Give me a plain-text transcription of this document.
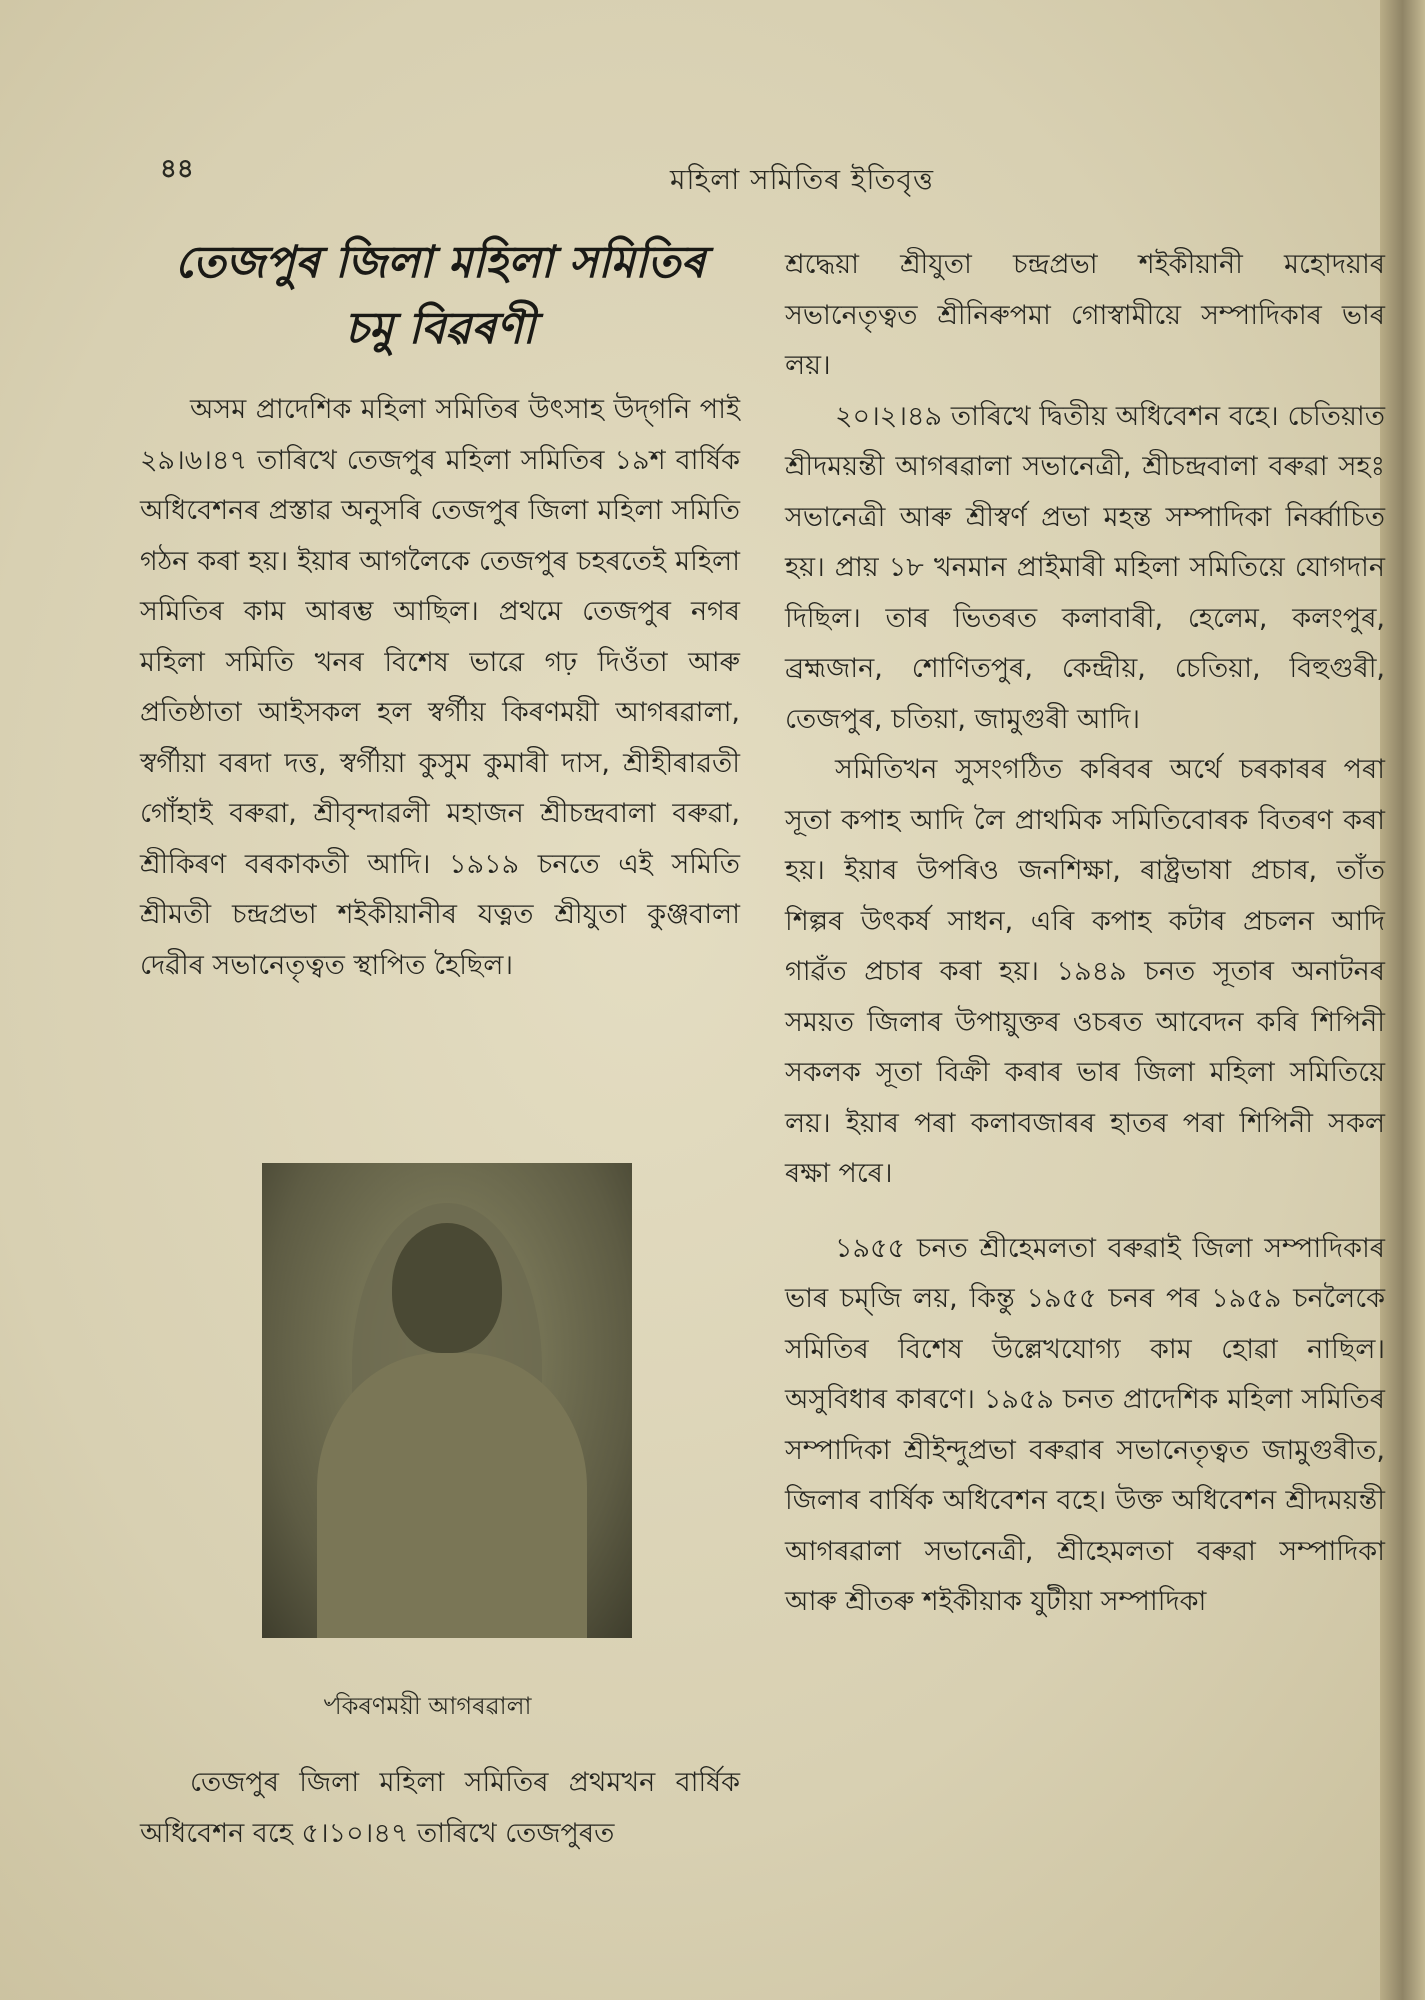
৪৪	মহিলা সমিতিৰ ইতিবৃত্ত
তেজপুৰ জিলা মহিলা সমিতিৰ
চমু বিৱৰণী

অসম প্ৰাদেশিক মহিলা সমিতিৰ উৎসাহ উদ্‌গনি পাই ২৯।৬।৪৭ তাৰিখে তেজপুৰ মহিলা সমিতিৰ ১৯শ বাৰ্ষিক অধিবেশনৰ প্ৰস্তাৱ অনুসৰি তেজপুৰ জিলা মহিলা সমিতি গঠন কৰা হয়। ইয়াৰ আগলৈকে তেজপুৰ চহৰতেই মহিলা সমিতিৰ কাম আৰম্ভ আছিল। প্ৰথমে তেজপুৰ নগৰ মহিলা সমিতি খনৰ বিশেষ ভাৱে গঢ় দিওঁতা আৰু প্ৰতিষ্ঠাতা আইসকল হল স্বৰ্গীয় কিৰণময়ী আগৰৱালা, স্বৰ্গীয়া বৰদা দত্ত, স্বৰ্গীয়া কুসুম কুমাৰী দাস, শ্ৰীহীৰাৱতী গোঁহাই বৰুৱা, শ্ৰীবৃন্দাৱলী মহাজন শ্ৰীচন্দ্ৰবালা বৰুৱা, শ্ৰীকিৰণ বৰকাকতী আদি। ১৯১৯ চনতে এই সমিতি শ্ৰীমতী চন্দ্ৰপ্ৰভা শইকীয়ানীৰ যত্নত শ্ৰীযুতা কুঞ্জবালা দেৱীৰ সভানেতৃত্বত স্থাপিত হৈছিল।

৺কিৰণময়ী আগৰৱালা

তেজপুৰ জিলা মহিলা সমিতিৰ প্ৰথমখন বাৰ্ষিক অধিবেশন বহে ৫।১০।৪৭ তাৰিখে তেজপুৰত

শ্ৰদ্ধেয়া শ্ৰীযুতা চন্দ্ৰপ্ৰভা শইকীয়ানী মহোদয়াৰ সভানেতৃত্বত শ্ৰীনিৰুপমা গোস্বামীয়ে সম্পাদিকাৰ ভাৰ লয়।

২০।২।৪৯ তাৰিখে দ্বিতীয় অধিবেশন বহে। চেতিয়াত শ্ৰীদময়ন্তী আগৰৱালা সভানেত্ৰী, শ্ৰীচন্দ্ৰবালা বৰুৱা সহঃ সভানেত্ৰী আৰু শ্ৰীস্বৰ্ণ প্ৰভা মহন্ত সম্পাদিকা নিৰ্ব্বাচিত হয়। প্ৰায় ১৮ খনমান প্ৰাইমাৰী মহিলা সমিতিয়ে যোগদান দিছিল। তাৰ ভিতৰত কলাবাৰী, হেলেম, কলংপুৰ, ব্ৰহ্মজান, শোণিতপুৰ, কেন্দ্ৰীয়, চেতিয়া, বিহুগুৰী, তেজপুৰ, চতিয়া, জামুগুৰী আদি।

সমিতিখন সুসংগঠিত কৰিবৰ অৰ্থে চৰকাৰৰ পৰা সূতা কপাহ আদি লৈ প্ৰাথমিক সমিতিবোৰক বিতৰণ কৰা হয়। ইয়াৰ উপৰিও জনশিক্ষা, ৰাষ্ট্ৰভাষা প্ৰচাৰ, তাঁত শিল্পৰ উৎকৰ্ষ সাধন, এৰি কপাহ কটাৰ প্ৰচলন আদি গাৱঁত প্ৰচাৰ কৰা হয়। ১৯৪৯ চনত সূতাৰ অনাটনৰ সময়ত জিলাৰ উপায়ুক্তৰ ওচৰত আবেদন কৰি শিপিনী সকলক সূতা বিক্ৰী কৰাৰ ভাৰ জিলা মহিলা সমিতিয়ে লয়। ইয়াৰ পৰা কলাবজাৰৰ হাতৰ পৰা শিপিনী সকল ৰক্ষা পৰে।

১৯৫৫ চনত শ্ৰীহেমলতা বৰুৱাই জিলা সম্পাদিকাৰ ভাৰ চম্‌জি লয়, কিন্তু ১৯৫৫ চনৰ পৰ ১৯৫৯ চনলৈকে সমিতিৰ বিশেষ উল্লেখযোগ্য কাম হোৱা নাছিল। অসুবিধাৰ কাৰণে। ১৯৫৯ চনত প্ৰাদেশিক মহিলা সমিতিৰ সম্পাদিকা শ্ৰীইন্দুপ্ৰভা বৰুৱাৰ সভানেতৃত্বত জামুগুৰীত, জিলাৰ বাৰ্ষিক অধিবেশন বহে। উক্ত অধিবেশন শ্ৰীদময়ন্তী আগৰৱালা সভানেত্ৰী, শ্ৰীহেমলতা বৰুৱা সম্পাদিকা আৰু শ্ৰীতৰু শইকীয়াক যুটীয়া সম্পাদিকা
